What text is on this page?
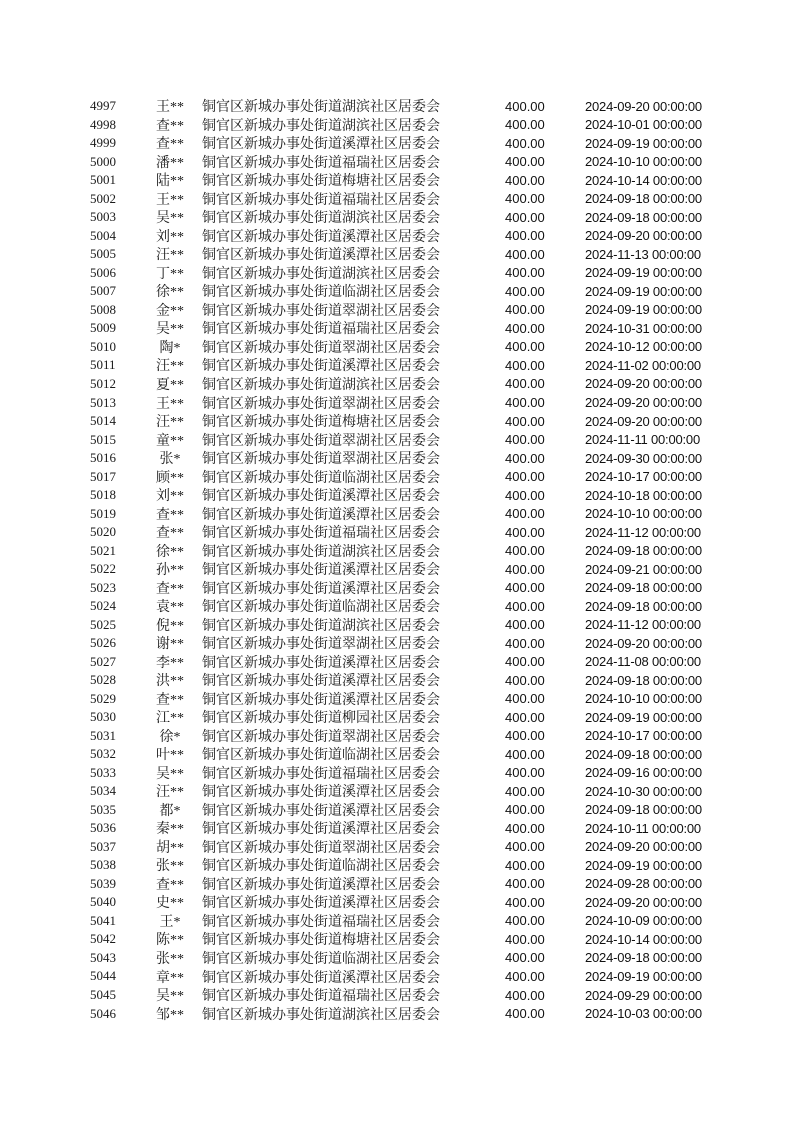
4997	王**	铜官区新城办事处街道湖滨社区居委会	400.00	2024-09-20 00:00:00
4998	查**	铜官区新城办事处街道湖滨社区居委会	400.00	2024-10-01 00:00:00
4999	查**	铜官区新城办事处街道溪潭社区居委会	400.00	2024-09-19 00:00:00
5000	潘**	铜官区新城办事处街道福瑞社区居委会	400.00	2024-10-10 00:00:00
5001	陆**	铜官区新城办事处街道梅塘社区居委会	400.00	2024-10-14 00:00:00
5002	王**	铜官区新城办事处街道福瑞社区居委会	400.00	2024-09-18 00:00:00
5003	吴**	铜官区新城办事处街道湖滨社区居委会	400.00	2024-09-18 00:00:00
5004	刘**	铜官区新城办事处街道溪潭社区居委会	400.00	2024-09-20 00:00:00
5005	汪**	铜官区新城办事处街道溪潭社区居委会	400.00	2024-11-13 00:00:00
5006	丁**	铜官区新城办事处街道湖滨社区居委会	400.00	2024-09-19 00:00:00
5007	徐**	铜官区新城办事处街道临湖社区居委会	400.00	2024-09-19 00:00:00
5008	金**	铜官区新城办事处街道翠湖社区居委会	400.00	2024-09-19 00:00:00
5009	吴**	铜官区新城办事处街道福瑞社区居委会	400.00	2024-10-31 00:00:00
5010	陶*	铜官区新城办事处街道翠湖社区居委会	400.00	2024-10-12 00:00:00
5011	汪**	铜官区新城办事处街道溪潭社区居委会	400.00	2024-11-02 00:00:00
5012	夏**	铜官区新城办事处街道湖滨社区居委会	400.00	2024-09-20 00:00:00
5013	王**	铜官区新城办事处街道翠湖社区居委会	400.00	2024-09-20 00:00:00
5014	汪**	铜官区新城办事处街道梅塘社区居委会	400.00	2024-09-20 00:00:00
5015	童**	铜官区新城办事处街道翠湖社区居委会	400.00	2024-11-11 00:00:00
5016	张*	铜官区新城办事处街道翠湖社区居委会	400.00	2024-09-30 00:00:00
5017	顾**	铜官区新城办事处街道临湖社区居委会	400.00	2024-10-17 00:00:00
5018	刘**	铜官区新城办事处街道溪潭社区居委会	400.00	2024-10-18 00:00:00
5019	查**	铜官区新城办事处街道溪潭社区居委会	400.00	2024-10-10 00:00:00
5020	查**	铜官区新城办事处街道福瑞社区居委会	400.00	2024-11-12 00:00:00
5021	徐**	铜官区新城办事处街道湖滨社区居委会	400.00	2024-09-18 00:00:00
5022	孙**	铜官区新城办事处街道溪潭社区居委会	400.00	2024-09-21 00:00:00
5023	查**	铜官区新城办事处街道溪潭社区居委会	400.00	2024-09-18 00:00:00
5024	袁**	铜官区新城办事处街道临湖社区居委会	400.00	2024-09-18 00:00:00
5025	倪**	铜官区新城办事处街道湖滨社区居委会	400.00	2024-11-12 00:00:00
5026	谢**	铜官区新城办事处街道翠湖社区居委会	400.00	2024-09-20 00:00:00
5027	李**	铜官区新城办事处街道溪潭社区居委会	400.00	2024-11-08 00:00:00
5028	洪**	铜官区新城办事处街道溪潭社区居委会	400.00	2024-09-18 00:00:00
5029	查**	铜官区新城办事处街道溪潭社区居委会	400.00	2024-10-10 00:00:00
5030	江**	铜官区新城办事处街道柳园社区居委会	400.00	2024-09-19 00:00:00
5031	徐*	铜官区新城办事处街道翠湖社区居委会	400.00	2024-10-17 00:00:00
5032	叶**	铜官区新城办事处街道临湖社区居委会	400.00	2024-09-18 00:00:00
5033	吴**	铜官区新城办事处街道福瑞社区居委会	400.00	2024-09-16 00:00:00
5034	汪**	铜官区新城办事处街道溪潭社区居委会	400.00	2024-10-30 00:00:00
5035	都*	铜官区新城办事处街道溪潭社区居委会	400.00	2024-09-18 00:00:00
5036	秦**	铜官区新城办事处街道溪潭社区居委会	400.00	2024-10-11 00:00:00
5037	胡**	铜官区新城办事处街道翠湖社区居委会	400.00	2024-09-20 00:00:00
5038	张**	铜官区新城办事处街道临湖社区居委会	400.00	2024-09-19 00:00:00
5039	查**	铜官区新城办事处街道溪潭社区居委会	400.00	2024-09-28 00:00:00
5040	史**	铜官区新城办事处街道溪潭社区居委会	400.00	2024-09-20 00:00:00
5041	王*	铜官区新城办事处街道福瑞社区居委会	400.00	2024-10-09 00:00:00
5042	陈**	铜官区新城办事处街道梅塘社区居委会	400.00	2024-10-14 00:00:00
5043	张**	铜官区新城办事处街道临湖社区居委会	400.00	2024-09-18 00:00:00
5044	章**	铜官区新城办事处街道溪潭社区居委会	400.00	2024-09-19 00:00:00
5045	吴**	铜官区新城办事处街道福瑞社区居委会	400.00	2024-09-29 00:00:00
5046	邹**	铜官区新城办事处街道湖滨社区居委会	400.00	2024-10-03 00:00:00
